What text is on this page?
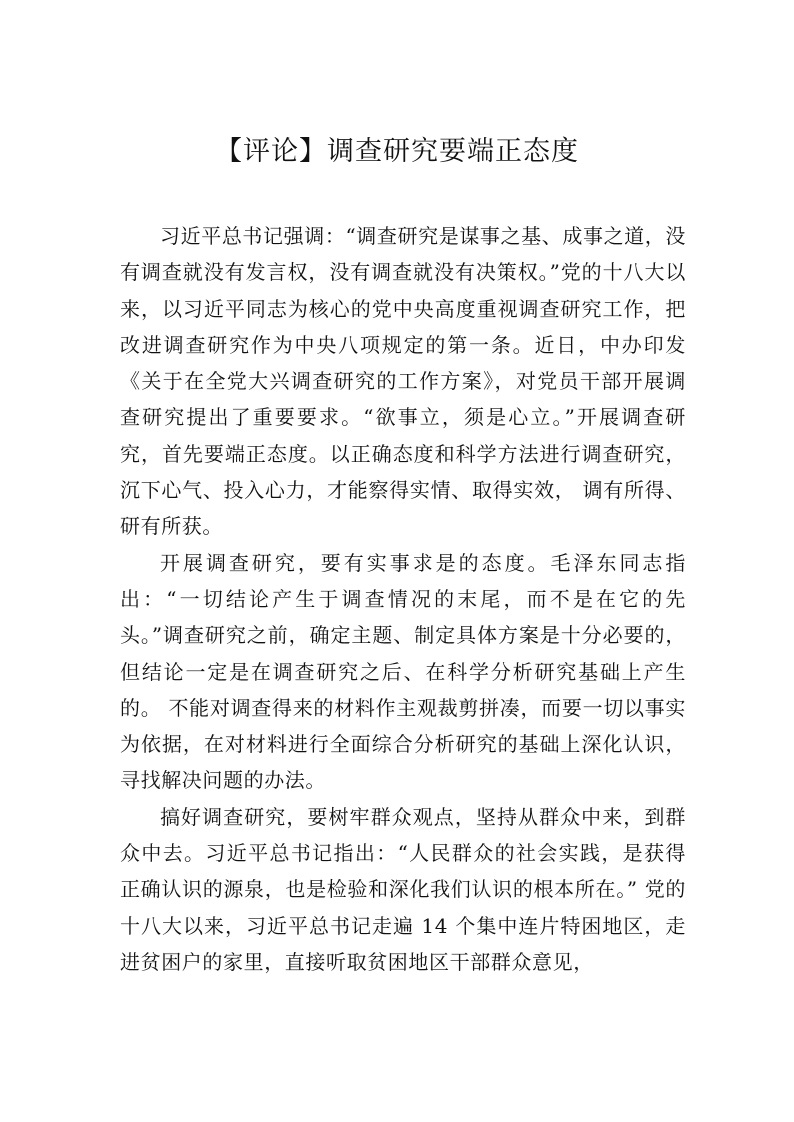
【评论】调查研究要端正态度

习近平总书记强调：“调查研究是谋事之基、成事之道，没有调查就没有发言权，没有调查就没有决策权。”党的十八大以来，以习近平同志为核心的党中央高度重视调查研究工作，把改进调查研究作为中央八项规定的第一条。近日，中办印发《关于在全党大兴调查研究的工作方案》，对党员干部开展调查研究提出了重要要求。“欲事立，须是心立。”开展调查研究，首先要端正态度。以正确态度和科学方法进行调查研究，沉下心气、投入心力，才能察得实情、取得实效， 调有所得、研有所获。

开展调查研究，要有实事求是的态度。毛泽东同志指出：“一切结论产生于调查情况的末尾，而不是在它的先头。”调查研究之前，确定主题、制定具体方案是十分必要的，但结论一定是在调查研究之后、在科学分析研究基础上产生的。 不能对调查得来的材料作主观裁剪拼凑，而要一切以事实为依据，在对材料进行全面综合分析研究的基础上深化认识， 寻找解决问题的办法。

搞好调查研究，要树牢群众观点，坚持从群众中来，到群众中去。习近平总书记指出：“人民群众的社会实践，是获得正确认识的源泉，也是检验和深化我们认识的根本所在。” 党的十八大以来，习近平总书记走遍 14 个集中连片特困地区，走进贫困户的家里，直接听取贫困地区干部群众意见，
